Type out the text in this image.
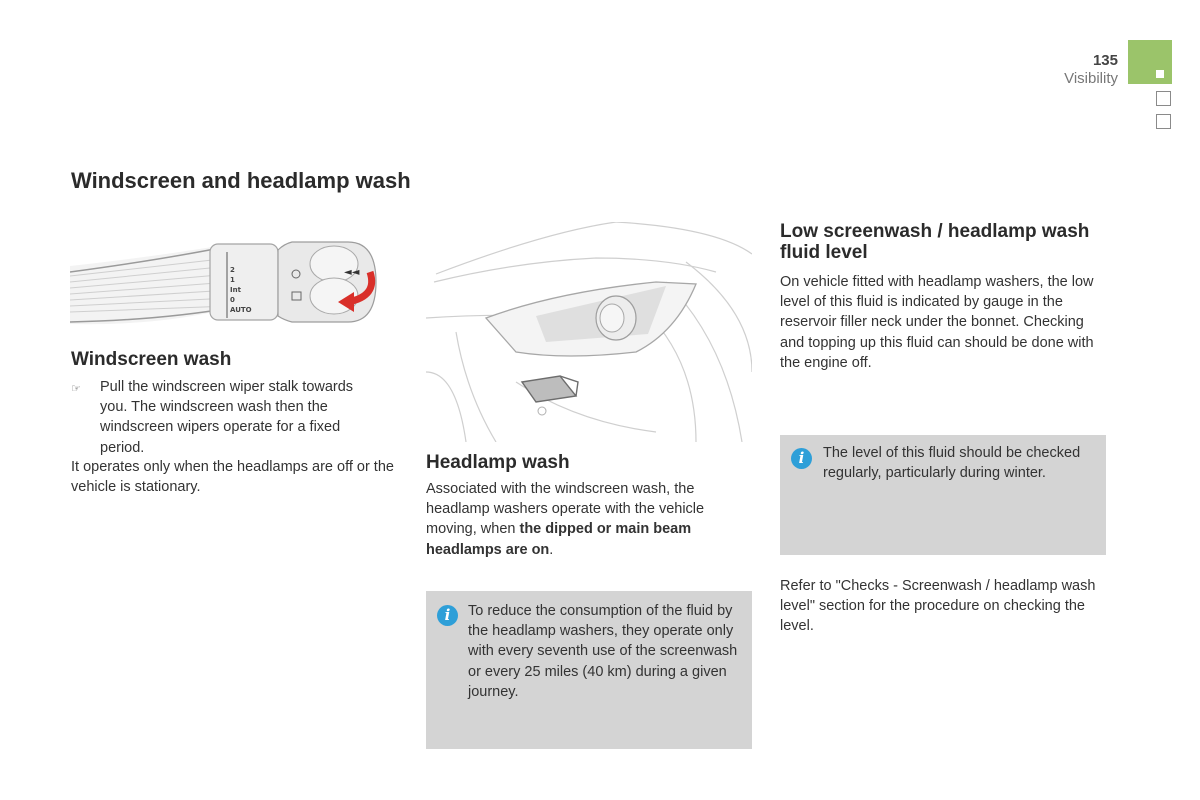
135
Visibility
Windscreen and headlamp wash
◄◄
2
1
Int
0
AUTO
Windscreen wash
☞	Pull the windscreen wiper stalk towards you. The windscreen wash then the windscreen wipers operate for a fixed period.

It operates only when the headlamps are off or the vehicle is stationary.

Headlamp wash

Associated with the windscreen wash, the headlamp washers operate with the vehicle moving, when the dipped or main beam headlamps are on.

i	To reduce the consumption of the fluid by the headlamp washers, they operate only with every seventh use of the screenwash or every 25 miles (40 km) during a given journey.

Low screenwash / headlamp wash fluid level

On vehicle fitted with headlamp washers, the low level of this fluid is indicated by gauge in the reservoir filler neck under the bonnet. Checking and topping up this fluid can should be done with the engine off.

i	The level of this fluid should be checked regularly, particularly during winter.

Refer to "Checks - Screenwash / headlamp wash level" section for the procedure on checking the level.
